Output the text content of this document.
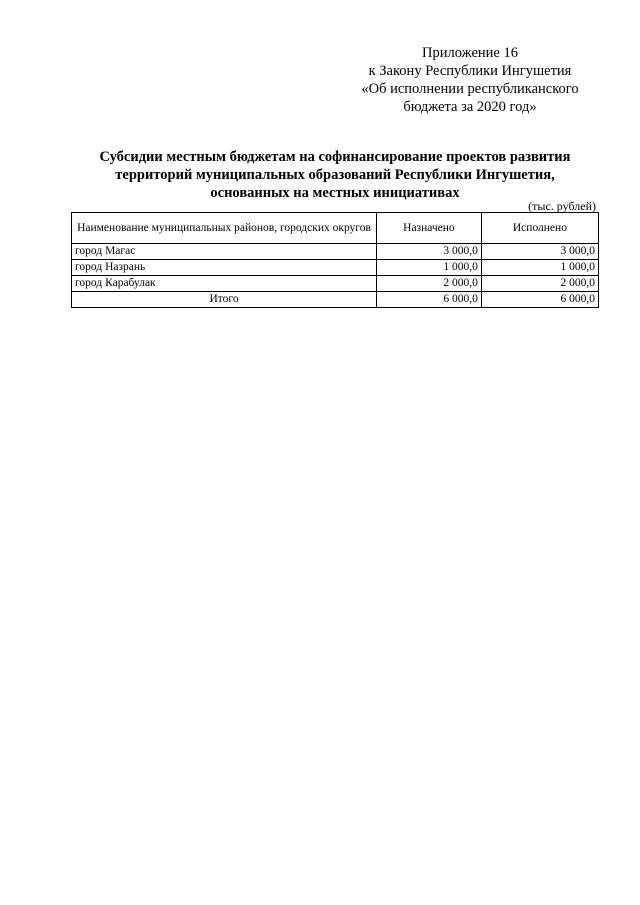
Приложение 16
к Закону Республики Ингушетия
«Об исполнении республиканского
бюджета за 2020 год»
Субсидии местным бюджетам на софинансирование проектов развития
территорий муниципальных образований Республики Ингушетия,
основанных на местных инициативах
(тыс. рублей)
Наименование муниципальных районов, городских округов	Назначено	Исполнено
город Магас	3 000,0	3 000,0
город Назрань	1 000,0	1 000,0
город Карабулак	2 000,0	2 000,0
Итого	6 000,0	6 000,0
